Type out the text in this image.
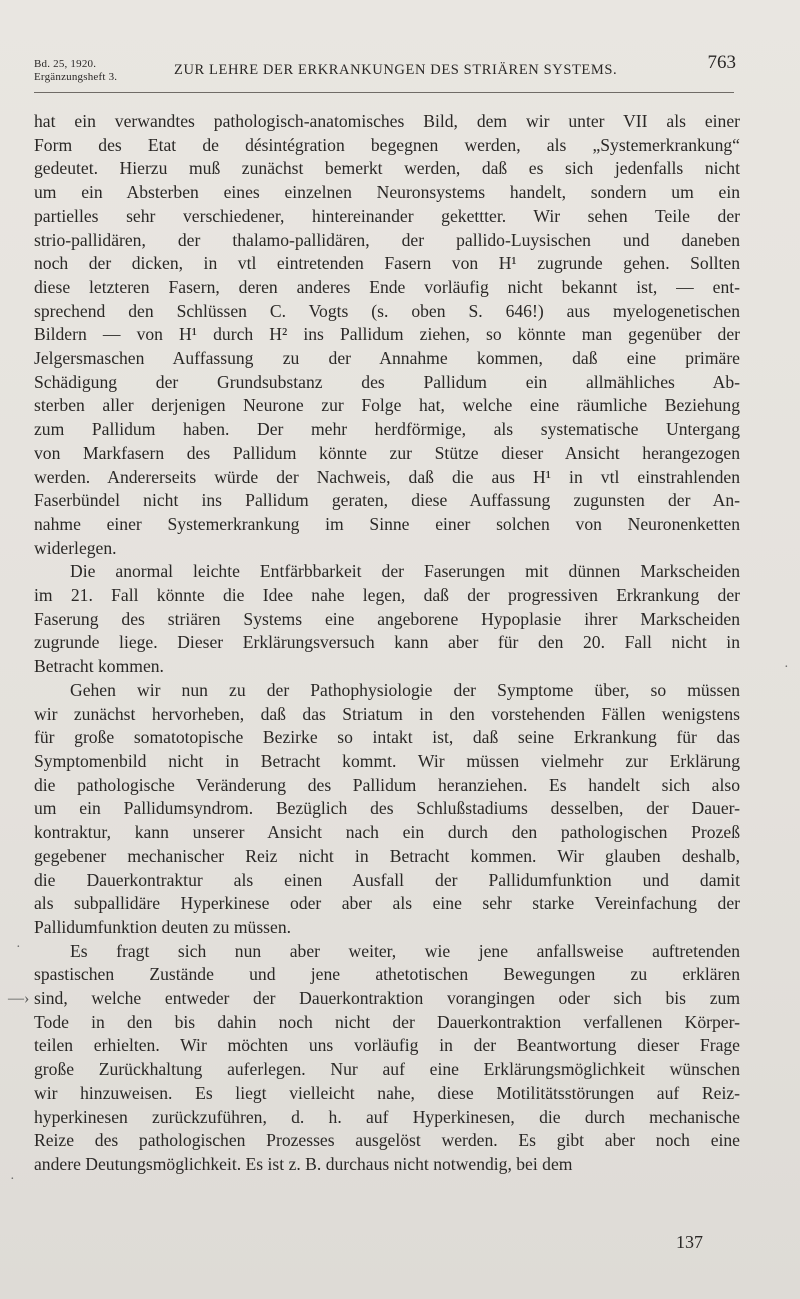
Bd. 25, 1920.
Ergänzungsheft 3.	ZUR LEHRE DER ERKRANKUNGEN DES STRIÄREN SYSTEMS.	763

hat ein verwandtes pathologisch-anatomisches Bild, dem wir unter VII als einer
Form des Etat de désintégration begegnen werden, als „Systemerkrankung“
gedeutet. Hierzu muß zunächst bemerkt werden, daß es sich jedenfalls nicht
um ein Absterben eines einzelnen Neuronsystems handelt, sondern um ein
partielles sehr verschiedener, hintereinander gekettter. Wir sehen Teile der
strio-pallidären, der thalamo-pallidären, der pallido-Luysischen und daneben
noch der dicken, in vtl eintretenden Fasern von H¹ zugrunde gehen. Sollten
diese letzteren Fasern, deren anderes Ende vorläufig nicht bekannt ist, — ent-
sprechend den Schlüssen C. Vogts (s. oben S. 646!) aus myelogenetischen
Bildern — von H¹ durch H² ins Pallidum ziehen, so könnte man gegenüber der
Jelgersmaschen Auffassung zu der Annahme kommen, daß eine primäre
Schädigung der Grundsubstanz des Pallidum ein allmähliches Ab-
sterben aller derjenigen Neurone zur Folge hat, welche eine räumliche Beziehung
zum Pallidum haben. Der mehr herdförmige, als systematische Untergang
von Markfasern des Pallidum könnte zur Stütze dieser Ansicht herangezogen
werden. Andererseits würde der Nachweis, daß die aus H¹ in vtl einstrahlenden
Faserbündel nicht ins Pallidum geraten, diese Auffassung zugunsten der An-
nahme einer Systemerkrankung im Sinne einer solchen von Neuronenketten
widerlegen.

Die anormal leichte Entfärbbarkeit der Faserungen mit dünnen Markscheiden
im 21. Fall könnte die Idee nahe legen, daß der progressiven Erkrankung der
Faserung des striären Systems eine angeborene Hypoplasie ihrer Markscheiden
zugrunde liege. Dieser Erklärungsversuch kann aber für den 20. Fall nicht in
Betracht kommen.

Gehen wir nun zu der Pathophysiologie der Symptome über, so müssen
wir zunächst hervorheben, daß das Striatum in den vorstehenden Fällen wenigstens
für große somatotopische Bezirke so intakt ist, daß seine Erkrankung für das
Symptomenbild nicht in Betracht kommt. Wir müssen vielmehr zur Erklärung
die pathologische Veränderung des Pallidum heranziehen. Es handelt sich also
um ein Pallidumsyndrom. Bezüglich des Schlußstadiums desselben, der Dauer-
kontraktur, kann unserer Ansicht nach ein durch den pathologischen Prozeß
gegebener mechanischer Reiz nicht in Betracht kommen. Wir glauben deshalb,
die Dauerkontraktur als einen Ausfall der Pallidumfunktion und damit
als subpallidäre Hyperkinese oder aber als eine sehr starke Vereinfachung der
Pallidumfunktion deuten zu müssen.

Es fragt sich nun aber weiter, wie jene anfallsweise auftretenden
spastischen Zustände und jene athetotischen Bewegungen zu erklären
sind, welche entweder der Dauerkontraktion vorangingen oder sich bis zum
Tode in den bis dahin noch nicht der Dauerkontraktion verfallenen Körper-
teilen erhielten. Wir möchten uns vorläufig in der Beantwortung dieser Frage
große Zurückhaltung auferlegen. Nur auf eine Erklärungsmöglichkeit wünschen
wir hinzuweisen. Es liegt vielleicht nahe, diese Motilitätsstörungen auf Reiz-
hyperkinesen zurückzuführen, d. h. auf Hyperkinesen, die durch mechanische
Reize des pathologischen Prozesses ausgelöst werden. Es gibt aber noch eine
andere Deutungsmöglichkeit. Es ist z. B. durchaus nicht notwendig, bei dem

—›
·
·
·
137
